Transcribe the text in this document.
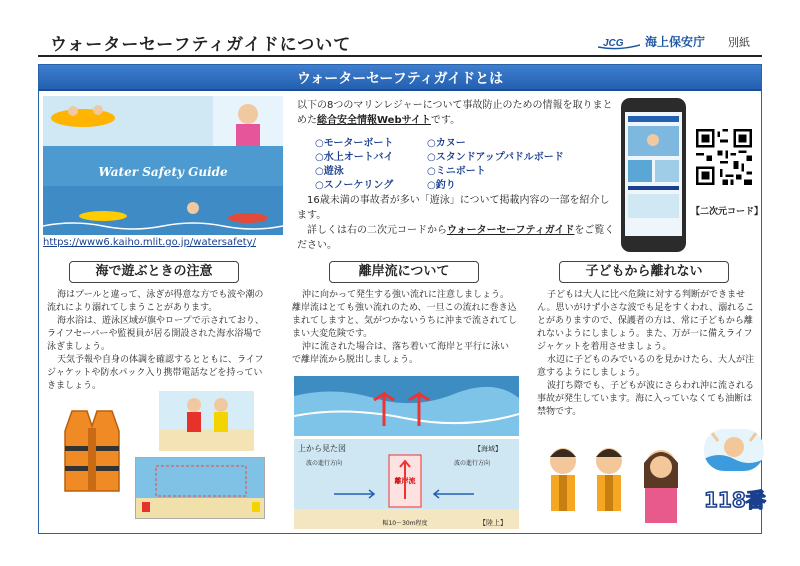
ウォーターセーフティガイドについて	JCG 海上保安庁 別紙
ウォーターセーフティガイドとは
Water Safety Guide
https://www6.kaiho.mlit.go.jp/watersafety/
以下の8つのマリンレジャーについて事故防止のための情報を取りまとめた総合安全情報Webサイトです。
○モーターボート
○水上オートバイ
○遊泳
○スノーケリング
○カヌー
○スタンドアップパドルボード
○ミニボート
○釣り
16歳未満の事故者が多い「遊泳」について掲載内容の一部を紹介します。
詳しくは右の二次元コードからウォーターセーフティガイドをご覧ください。
【二次元コード】
海で遊ぶときの注意
海はプールと違って、泳ぎが得意な方でも波や潮の流れにより溺れてしまうことがあります。
海水浴は、遊泳区域が旗やロープで示されており、ライフセーバーや監視員が居る開設された海水浴場で泳ぎましょう。
天気予報や自身の体調を確認するとともに、ライフジャケットや防水パック入り携帯電話などを持っていきましょう。
離岸流について
沖に向かって発生する強い流れに注意しましょう。離岸流はとても強い流れのため、一旦この流れに巻き込まれてしますと、気がつかないうちに沖まで流されてしまい大変危険です。
沖に流された場合は、落ち着いて海岸と平行に泳いで離岸流から脱出しましょう。
上から見た図	【海域】
【陸上】
波の進行方向	波の進行方向
離岸流
幅10～30m程度
子どもから離れない
子どもは大人に比べ危険に対する判断ができません。思いがけず小さな波でも足をすくわれ、溺れることがありますので、保護者の方は、常に子どもから離れないようにしましょう。また、万が一に備えライフジャケットを着用させましょう。
水辺に子どものみでいるのを見かけたら、大人が注意するようにしましょう。
波打ち際でも、子どもが波にさらわれ沖に流される事故が発生しています。海に入っていなくても油断は禁物です。
118番
